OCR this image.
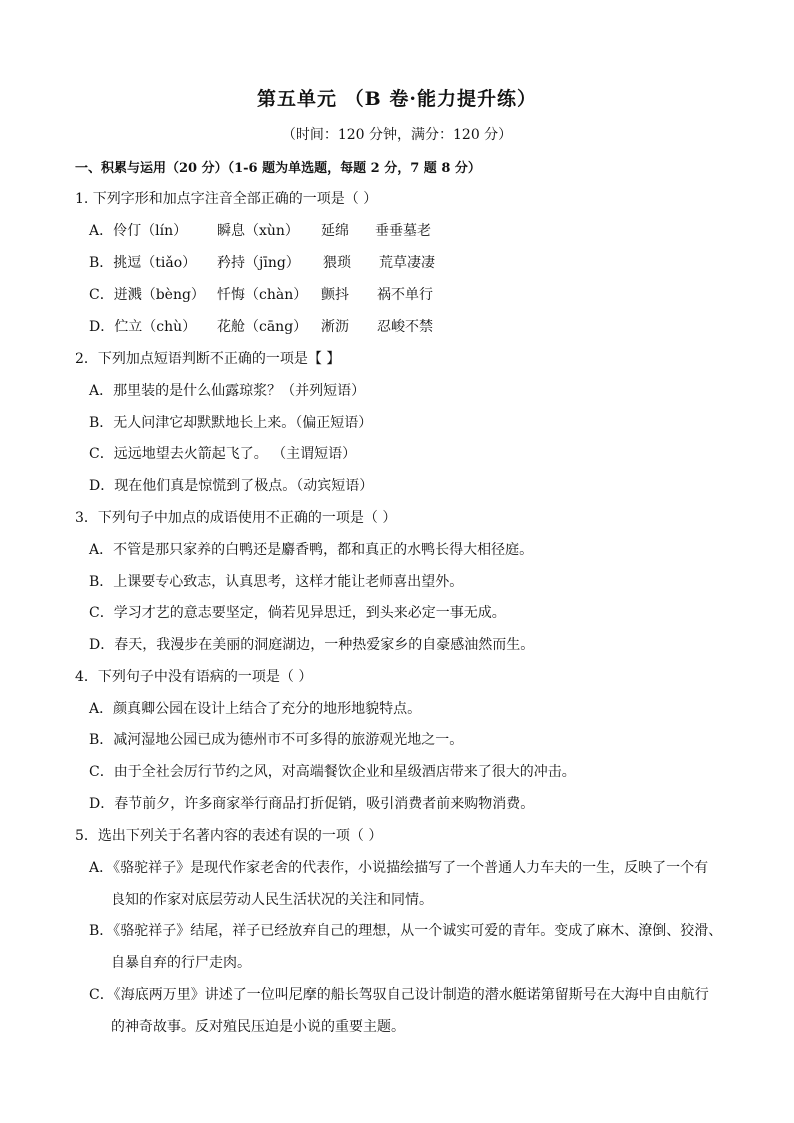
第五单元 （B 卷·能力提升练）
（时间：120 分钟，满分：120 分）
一、积累与运用（20 分）（1-6 题为单选题，每题 2 分，7 题 8 分）
1. 下列字形和加点字注音全部正确的一项是（ ）
A．伶仃（lín） 瞬息（xùn） 延绵 垂垂墓老
B．挑逗（tiǎo） 矜持（jīng） 猥琐 荒草凄凄
C．迸溅（bèng） 忏悔（chàn） 颤抖 祸不单行
D．伫立（chù） 花舱（cāng） 淅沥 忍峻不禁
2．下列加点短语判断不正确的一项是【 】
A．那里装的是什么仙露琼浆？（并列短语）
B．无人问津它却默默地长上来。（偏正短语）
C．远远地望去火箭起飞了。 （主谓短语）
D．现在他们真是惊慌到了极点。（动宾短语）
3．下列句子中加点的成语使用不正确的一项是（ ）
A．不管是那只家养的白鸭还是麝香鸭，都和真正的水鸭长得大相径庭。
B．上课要专心致志，认真思考，这样才能让老师喜出望外。
C．学习才艺的意志要坚定，倘若见异思迁，到头来必定一事无成。
D．春天，我漫步在美丽的洞庭湖边，一种热爱家乡的自豪感油然而生。
4．下列句子中没有语病的一项是（ ）
A．颜真卿公园在设计上结合了充分的地形地貌特点。
B．减河湿地公园已成为德州市不可多得的旅游观光地之一。
C．由于全社会厉行节约之风，对高端餐饮企业和星级酒店带来了很大的冲击。
D．春节前夕，许多商家举行商品打折促销，吸引消费者前来购物消费。
5．选出下列关于名著内容的表述有误的一项（ ）
A．《骆驼祥子》是现代作家老舍的代表作，小说描绘描写了一个普通人力车夫的一生，反映了一个有
良知的作家对底层劳动人民生活状况的关注和同情。
B．《骆驼祥子》结尾，祥子已经放弃自己的理想，从一个诚实可爱的青年。变成了麻木、潦倒、狡滑、
自暴自弃的行尸走肉。
C．《海底两万里》讲述了一位叫尼摩的船长驾驭自己设计制造的潜水艇诺第留斯号在大海中自由航行
的神奇故事。反对殖民压迫是小说的重要主题。
